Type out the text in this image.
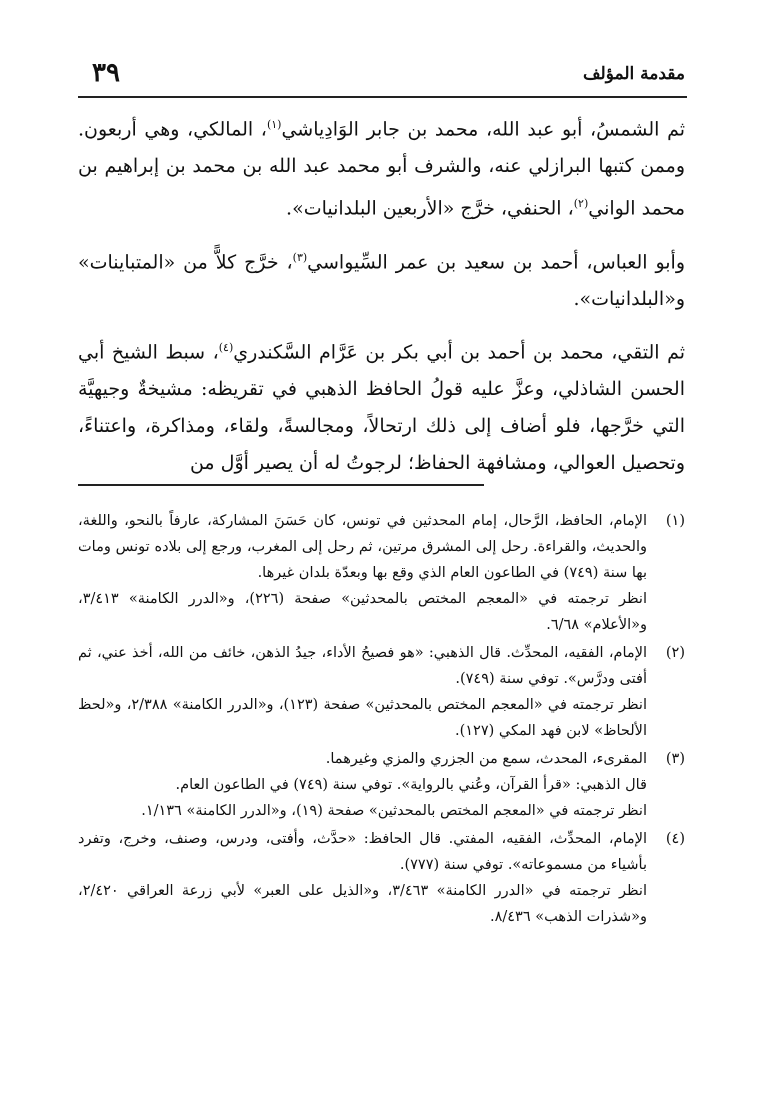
مقدمة المؤلف
٣٩

ثم الشمسُ، أبو عبد الله، محمد بن جابر الوَادِياشي$^{(١)}$، المالكي، وهي أربعون. وممن كتبها البرازلي عنه، والشرف أبو محمد عبد الله بن محمد بن إبراهيم بن محمد الواني$^{(٢)}$، الحنفي، خرَّج «الأربعين البلدانيات».

وأبو العباس، أحمد بن سعيد بن عمر السِّيواسي$^{(٣)}$، خرَّج كلاًّ من «المتباينات» و«البلدانيات».

ثم التقي، محمد بن أحمد بن أبي بكر بن عَرَّام السَّكندري$^{(٤)}$، سبط الشيخ أبي الحسن الشاذلي، وعزَّ عليه قولُ الحافظ الذهبي في تقريظه: مشيخةٌ وجيهيَّة التي خرَّجها، فلو أضاف إلى ذلك ارتحالاً، ومجالسةً، ولقاء، ومذاكرة، واعتناءً، وتحصيل العوالي، ومشافهة الحفاظ؛ لرجوتُ له أن يصير أوَّل من

(١)

الإمام، الحافظ، الرَّحال، إمام المحدثين في تونس، كان حَسَنَ المشاركة، عارفاً بالنحو، واللغة، والحديث، والقراءة. رحل إلى المشرق مرتين، ثم رحل إلى المغرب، ورجع إلى بلاده تونس ومات بها سنة (٧٤٩) في الطاعون العام الذي وقع بها وبعدّة بلدان غيرها.

انظر ترجمته في «المعجم المختص بالمحدثين» صفحة (٢٢٦)، و«الدرر الكامنة» ٣/٤١٣، و«الأعلام» ٦/٦٨.

(٢)

الإمام، الفقيه، المحدِّث. قال الذهبي: «هو فصيحُ الأداء، جيدُ الذهن، خائف من الله، أخذ عني، ثم أفتى ودرَّس». توفي سنة (٧٤٩).

انظر ترجمته في «المعجم المختص بالمحدثين» صفحة (١٢٣)، و«الدرر الكامنة» ٢/٣٨٨، و«لحظ الألحاظ» لابن فهد المكي (١٢٧).

(٣)

المقرىء، المحدث، سمع من الجزري والمزي وغيرهما.

قال الذهبي: «قرأ القرآن، وعُني بالرواية». توفي سنة (٧٤٩) في الطاعون العام.

انظر ترجمته في «المعجم المختص بالمحدثين» صفحة (١٩)، و«الدرر الكامنة» ١/١٣٦.

(٤)

الإمام، المحدِّث، الفقيه، المفتي. قال الحافظ: «حدَّث، وأفتى، ودرس، وصنف، وخرج، وتفرد بأشياء من مسموعاته». توفي سنة (٧٧٧).

انظر ترجمته في «الدرر الكامنة» ٣/٤٦٣، و«الذيل على العبر» لأبي زرعة العراقي ٢/٤٢٠، و«شذرات الذهب» ٨/٤٣٦.
